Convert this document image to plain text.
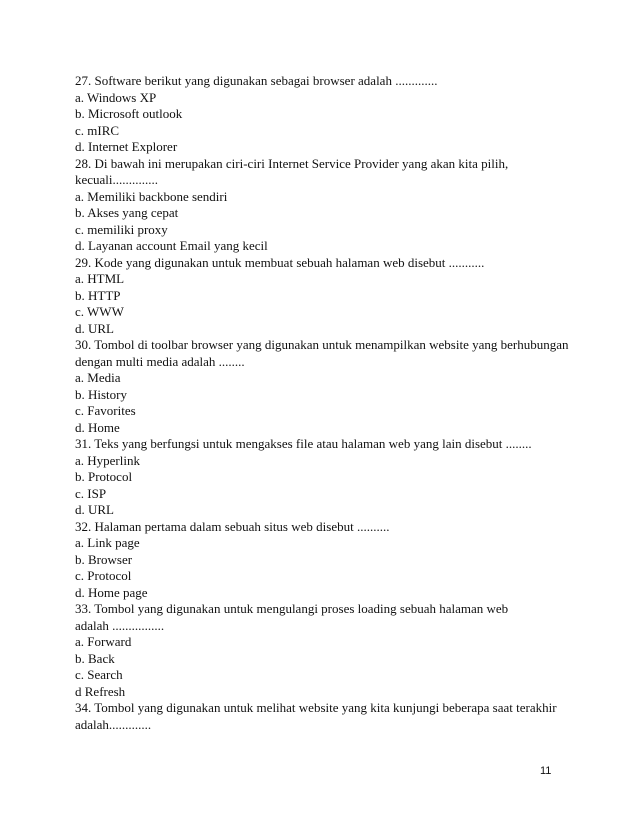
27. Software berikut yang digunakan sebagai browser adalah .............
a. Windows XP
b. Microsoft outlook
c. mIRC
d. Internet Explorer
28. Di bawah ini merupakan ciri-ciri Internet Service Provider yang akan kita pilih,
kecuali..............
a. Memiliki backbone sendiri
b. Akses yang cepat
c. memiliki proxy
d. Layanan account Email yang kecil
29. Kode yang digunakan untuk membuat sebuah halaman web disebut ...........
a. HTML
b. HTTP
c. WWW
d. URL
30. Tombol di toolbar browser yang digunakan untuk menampilkan website yang berhubungan
dengan multi media adalah ........
a. Media
b. History
c. Favorites
d. Home
31. Teks yang berfungsi untuk mengakses file atau halaman web yang lain disebut ........
a. Hyperlink
b. Protocol
c. ISP
d. URL
32. Halaman pertama dalam sebuah situs web disebut ..........
a. Link page
b. Browser
c. Protocol
d. Home page
33. Tombol yang digunakan untuk mengulangi proses loading sebuah halaman web
adalah ................
a. Forward
b. Back
c. Search
d Refresh
34. Tombol yang digunakan untuk melihat website yang kita kunjungi beberapa saat terakhir
adalah.............
11
